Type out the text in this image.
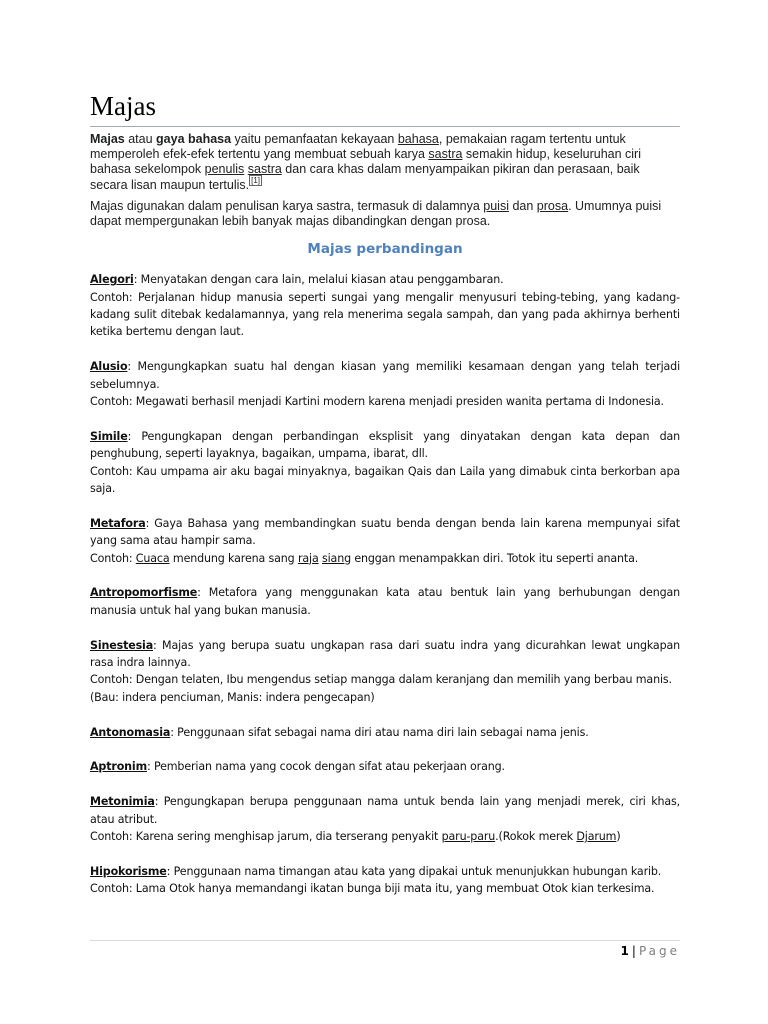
Majas

Majas atau gaya bahasa yaitu pemanfaatan kekayaan bahasa, pemakaian ragam tertentu untuk memperoleh efek-efek tertentu yang membuat sebuah karya sastra semakin hidup, keseluruhan ciri bahasa sekelompok penulis sastra dan cara khas dalam menyampaikan pikiran dan perasaan, baik secara lisan maupun tertulis. [1]

Majas digunakan dalam penulisan karya sastra, termasuk di dalamnya puisi dan prosa. Umumnya puisi dapat mempergunakan lebih banyak majas dibandingkan dengan prosa.

Majas perbandingan
Alegori: Menyatakan dengan cara lain, melalui kiasan atau penggambaran.
Contoh: Perjalanan hidup manusia seperti sungai yang mengalir menyusuri tebing-tebing, yang kadang-kadang sulit ditebak kedalamannya, yang rela menerima segala sampah, dan yang pada akhirnya berhenti ketika bertemu dengan laut.
Alusio: Mengungkapkan suatu hal dengan kiasan yang memiliki kesamaan dengan yang telah terjadi sebelumnya.
Contoh: Megawati berhasil menjadi Kartini modern karena menjadi presiden wanita pertama di Indonesia.
Simile: Pengungkapan dengan perbandingan eksplisit yang dinyatakan dengan kata depan dan penghubung, seperti layaknya, bagaikan, umpama, ibarat, dll.
Contoh: Kau umpama air aku bagai minyaknya, bagaikan Qais dan Laila yang dimabuk cinta berkorban apa saja.
Metafora: Gaya Bahasa yang membandingkan suatu benda dengan benda lain karena mempunyai sifat yang sama atau hampir sama.
Contoh: Cuaca mendung karena sang raja siang enggan menampakkan diri. Totok itu seperti ananta.
Antropomorfisme: Metafora yang menggunakan kata atau bentuk lain yang berhubungan dengan manusia untuk hal yang bukan manusia.
Sinestesia: Majas yang berupa suatu ungkapan rasa dari suatu indra yang dicurahkan lewat ungkapan rasa indra lainnya.
Contoh: Dengan telaten, Ibu mengendus setiap mangga dalam keranjang dan memilih yang berbau manis.
(Bau: indera penciuman, Manis: indera pengecapan)
Antonomasia: Penggunaan sifat sebagai nama diri atau nama diri lain sebagai nama jenis.
Aptronim: Pemberian nama yang cocok dengan sifat atau pekerjaan orang.
Metonimia: Pengungkapan berupa penggunaan nama untuk benda lain yang menjadi merek, ciri khas, atau atribut.
Contoh: Karena sering menghisap jarum, dia terserang penyakit paru-paru.(Rokok merek Djarum)
Hipokorisme: Penggunaan nama timangan atau kata yang dipakai untuk menunjukkan hubungan karib.
Contoh: Lama Otok hanya memandangi ikatan bunga biji mata itu, yang membuat Otok kian terkesima.
1 | Page
